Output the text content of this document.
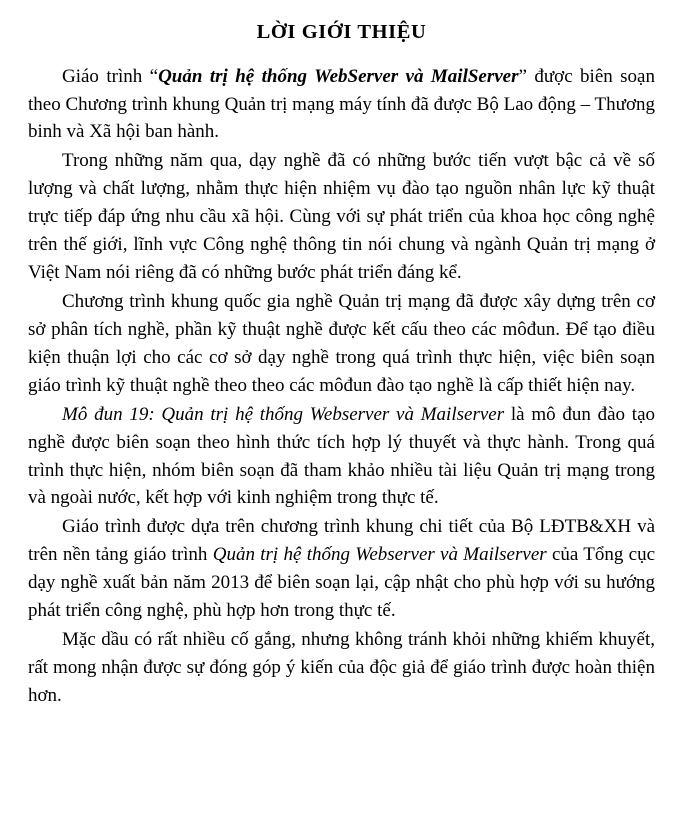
LỜI GIỚI THIỆU

Giáo trình “Quản trị hệ thống WebServer và MailServer” được biên soạn theo Chương trình khung Quản trị mạng máy tính đã được Bộ Lao động – Thương binh và Xã hội ban hành.

Trong những năm qua, dạy nghề đã có những bước tiến vượt bậc cả về số lượng và chất lượng, nhằm thực hiện nhiệm vụ đào tạo nguồn nhân lực kỹ thuật trực tiếp đáp ứng nhu cầu xã hội. Cùng với sự phát triển của khoa học công nghệ trên thế giới, lĩnh vực Công nghệ thông tin nói chung và ngành Quản trị mạng ở Việt Nam nói riêng đã có những bước phát triển đáng kể.

Chương trình khung quốc gia nghề Quản trị mạng đã được xây dựng trên cơ sở phân tích nghề, phần kỹ thuật nghề được kết cấu theo các môđun. Để tạo điều kiện thuận lợi cho các cơ sở dạy nghề trong quá trình thực hiện, việc biên soạn giáo trình kỹ thuật nghề theo theo các môđun đào tạo nghề là cấp thiết hiện nay.

Mô đun 19: Quản trị hệ thống Webserver và Mailserver là mô đun đào tạo nghề được biên soạn theo hình thức tích hợp lý thuyết và thực hành. Trong quá trình thực hiện, nhóm biên soạn đã tham khảo nhiều tài liệu Quản trị mạng trong và ngoài nước, kết hợp với kinh nghiệm trong thực tế.

Giáo trình được dựa trên chương trình khung chi tiết của Bộ LĐTB&XH và trên nền tảng giáo trình Quản trị hệ thống Webserver và Mailserver của Tổng cục dạy nghề xuất bản năm 2013 để biên soạn lại, cập nhật cho phù hợp với su hướng phát triển công nghệ, phù hợp hơn trong thực tế.

Mặc dầu có rất nhiều cố gắng, nhưng không tránh khỏi những khiếm khuyết, rất mong nhận được sự đóng góp ý kiến của độc giả để giáo trình được hoàn thiện hơn.
